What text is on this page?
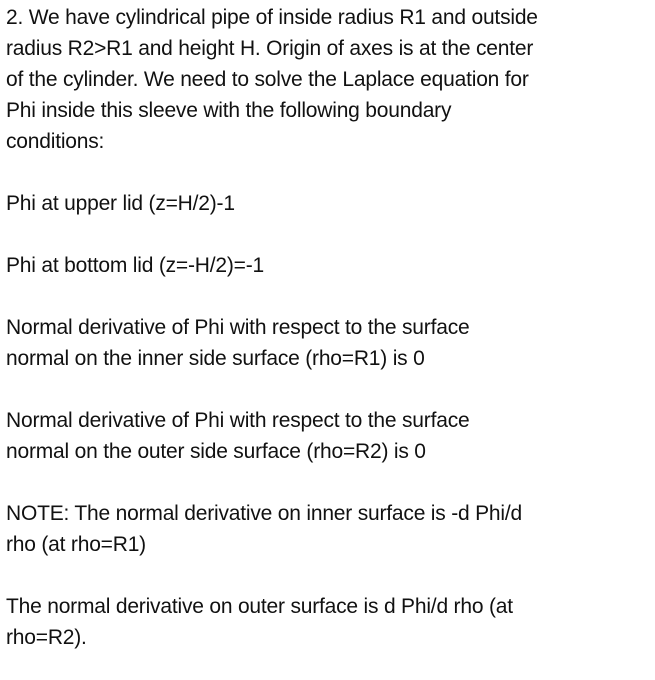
2. We have cylindrical pipe of inside radius R1 and outside
radius R2>R1 and height H. Origin of axes is at the center
of the cylinder. We need to solve the Laplace equation for
Phi inside this sleeve with the following boundary
conditions:
Phi at upper lid (z=H/2)-1
Phi at bottom lid (z=-H/2)=-1
Normal derivative of Phi with respect to the surface
normal on the inner side surface (rho=R1) is 0
Normal derivative of Phi with respect to the surface
normal on the outer side surface (rho=R2) is 0
NOTE: The normal derivative on inner surface is -d Phi/d
rho (at rho=R1)
The normal derivative on outer surface is d Phi/d rho (at
rho=R2).
